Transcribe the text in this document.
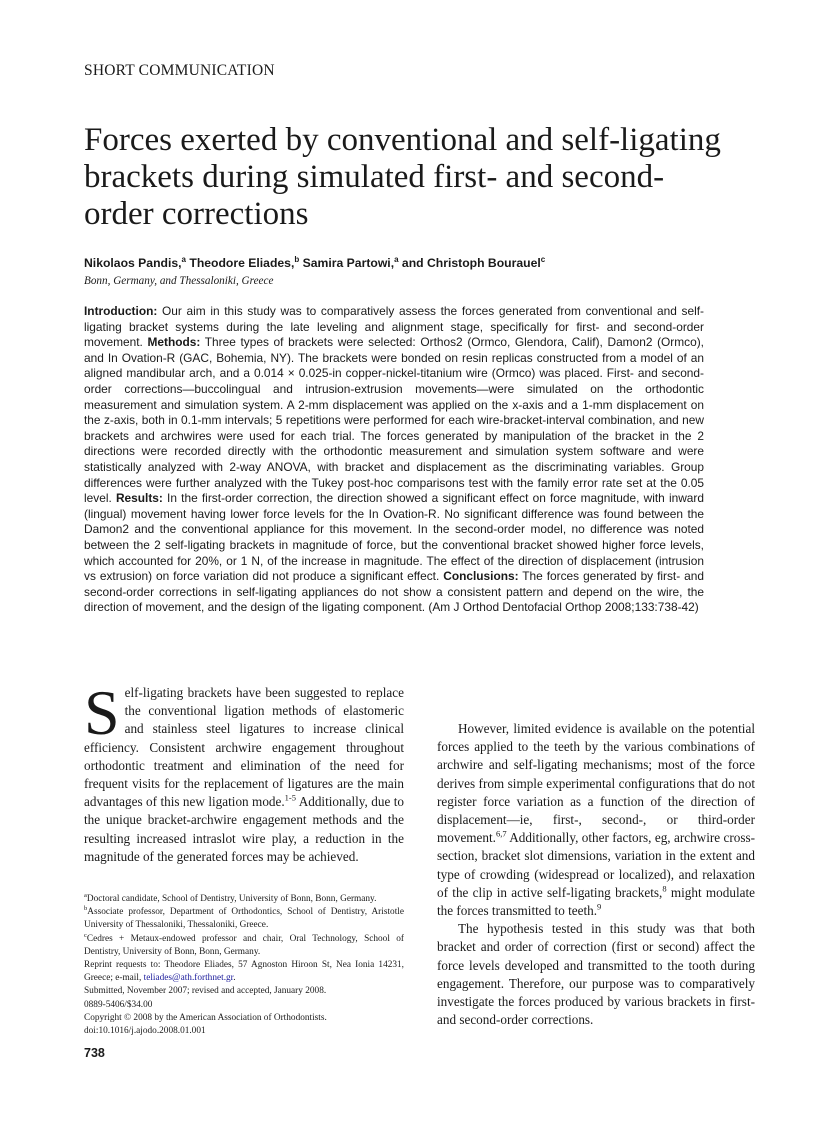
SHORT COMMUNICATION
Forces exerted by conventional and self-ligating brackets during simulated first- and second-order corrections
Nikolaos Pandis,$^a$ Theodore Eliades,$^b$ Samira Partowi,$^a$ and Christoph Bourauel$^c$
Bonn, Germany, and Thessaloniki, Greece

Introduction: Our aim in this study was to comparatively assess the forces generated from conventional and self-ligating bracket systems during the late leveling and alignment stage, specifically for first- and second-order movement. Methods: Three types of brackets were selected: Orthos2 (Ormco, Glendora, Calif), Damon2 (Ormco), and In Ovation-R (GAC, Bohemia, NY). The brackets were bonded on resin replicas constructed from a model of an aligned mandibular arch, and a 0.014 × 0.025-in copper-nickel-titanium wire (Ormco) was placed. First- and second-order corrections—buccolingual and intrusion-extrusion movements—were simulated on the orthodontic measurement and simulation system. A 2-mm displacement was applied on the x-axis and a 1-mm displacement on the z-axis, both in 0.1-mm intervals; 5 repetitions were performed for each wire-bracket-interval combination, and new brackets and archwires were used for each trial. The forces generated by manipulation of the bracket in the 2 directions were recorded directly with the orthodontic measurement and simulation system software and were statistically analyzed with 2-way ANOVA, with bracket and displacement as the discriminating variables. Group differences were further analyzed with the Tukey post-hoc comparisons test with the family error rate set at the 0.05 level. Results: In the first-order correction, the direction showed a significant effect on force magnitude, with inward (lingual) movement having lower force levels for the In Ovation-R. No significant difference was found between the Damon2 and the conventional appliance for this movement. In the second-order model, no difference was noted between the 2 self-ligating brackets in magnitude of force, but the conventional bracket showed higher force levels, which accounted for 20%, or 1 N, of the increase in magnitude. The effect of the direction of displacement (intrusion vs extrusion) on force variation did not produce a significant effect. Conclusions: The forces generated by first- and second-order corrections in self-ligating appliances do not show a consistent pattern and depend on the wire, the direction of movement, and the design of the ligating component. (Am J Orthod Dentofacial Orthop 2008;133:738-42)

Self-ligating brackets have been suggested to replace the conventional ligation methods of elastomeric and stainless steel ligatures to increase clinical efficiency. Consistent archwire engagement throughout orthodontic treatment and elimination of the need for frequent visits for the replacement of ligatures are the main advantages of this new ligation mode.$^{1-5}$ Additionally, due to the unique bracket-archwire engagement methods and the resulting increased intraslot wire play, a reduction in the magnitude of the generated forces may be achieved.

However, limited evidence is available on the potential forces applied to the teeth by the various combinations of archwire and self-ligating mechanisms; most of the force derives from simple experimental configurations that do not register force variation as a function of the direction of displacement—ie, first-, second-, or third-order movement.$^{6,7}$ Additionally, other factors, eg, archwire cross-section, bracket slot dimensions, variation in the extent and type of crowding (widespread or localized), and relaxation of the clip in active self-ligating brackets,$^8$ might modulate the forces transmitted to teeth.$^9$

The hypothesis tested in this study was that both bracket and order of correction (first or second) affect the force levels developed and transmitted to the tooth during engagement. Therefore, our purpose was to comparatively investigate the forces produced by various brackets in first- and second-order corrections.

$^a$Doctoral candidate, School of Dentistry, University of Bonn, Bonn, Germany.

$^b$Associate professor, Department of Orthodontics, School of Dentistry, Aristotle University of Thessaloniki, Thessaloniki, Greece.

$^c$Cedres + Metaux-endowed professor and chair, Oral Technology, School of Dentistry, University of Bonn, Bonn, Germany.

Reprint requests to: Theodore Eliades, 57 Agnoston Hiroon St, Nea Ionia 14231, Greece; e-mail, teliades@ath.forthnet.gr.

Submitted, November 2007; revised and accepted, January 2008.

0889-5406/$34.00

Copyright © 2008 by the American Association of Orthodontists.

doi:10.1016/j.ajodo.2008.01.001

738
